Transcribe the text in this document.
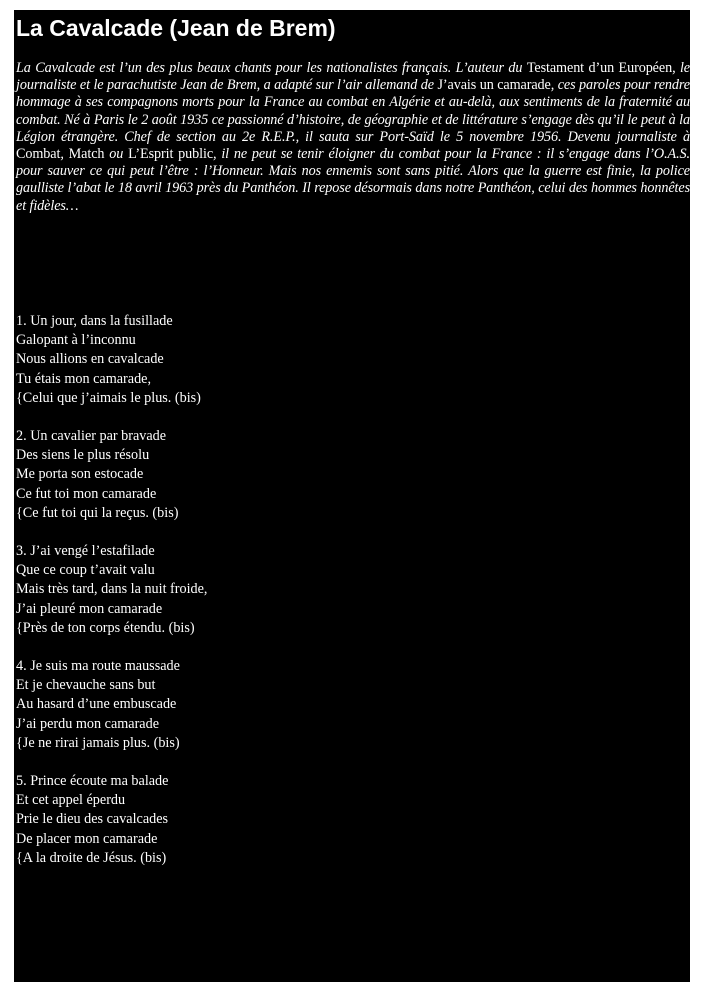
La Cavalcade (Jean de Brem)

La Cavalcade est l’un des plus beaux chants pour les nationalistes français. L’auteur du Testament d’un Européen, le journaliste et le parachutiste Jean de Brem, a adapté sur l’air allemand de J’avais un camarade, ces paroles pour rendre hommage à ses compagnons morts pour la France au combat en Algérie et au-delà, aux sentiments de la fraternité au combat. Né à Paris le 2 août 1935 ce passionné d’histoire, de géographie et de littérature s’engage dès qu’il le peut à la Légion étrangère. Chef de section au 2e R.E.P., il sauta sur Port-Saïd le 5 novembre 1956. Devenu journaliste à Combat, Match ou L’Esprit public, il ne peut se tenir éloigner du combat pour la France : il s’engage dans l’O.A.S. pour sauver ce qui peut l’être : l’Honneur. Mais nos ennemis sont sans pitié. Alors que la guerre est finie, la police gaulliste l’abat le 18 avril 1963 près du Panthéon. Il repose désormais dans notre Panthéon, celui des hommes honnêtes et fidèles…

1. Un jour, dans la fusillade
Galopant à l’inconnu
Nous allions en cavalcade
Tu étais mon camarade,
{Celui que j’aimais le plus. (bis)
2. Un cavalier par bravade
Des siens le plus résolu
Me porta son estocade
Ce fut toi mon camarade
{Ce fut toi qui la reçus. (bis)
3. J’ai vengé l’estafilade
Que ce coup t’avait valu
Mais très tard, dans la nuit froide,
J’ai pleuré mon camarade
{Près de ton corps étendu. (bis)
4. Je suis ma route maussade
Et je chevauche sans but
Au hasard d’une embuscade
J’ai perdu mon camarade
{Je ne rirai jamais plus. (bis)
5. Prince écoute ma balade
Et cet appel éperdu
Prie le dieu des cavalcades
De placer mon camarade
{A la droite de Jésus. (bis)
